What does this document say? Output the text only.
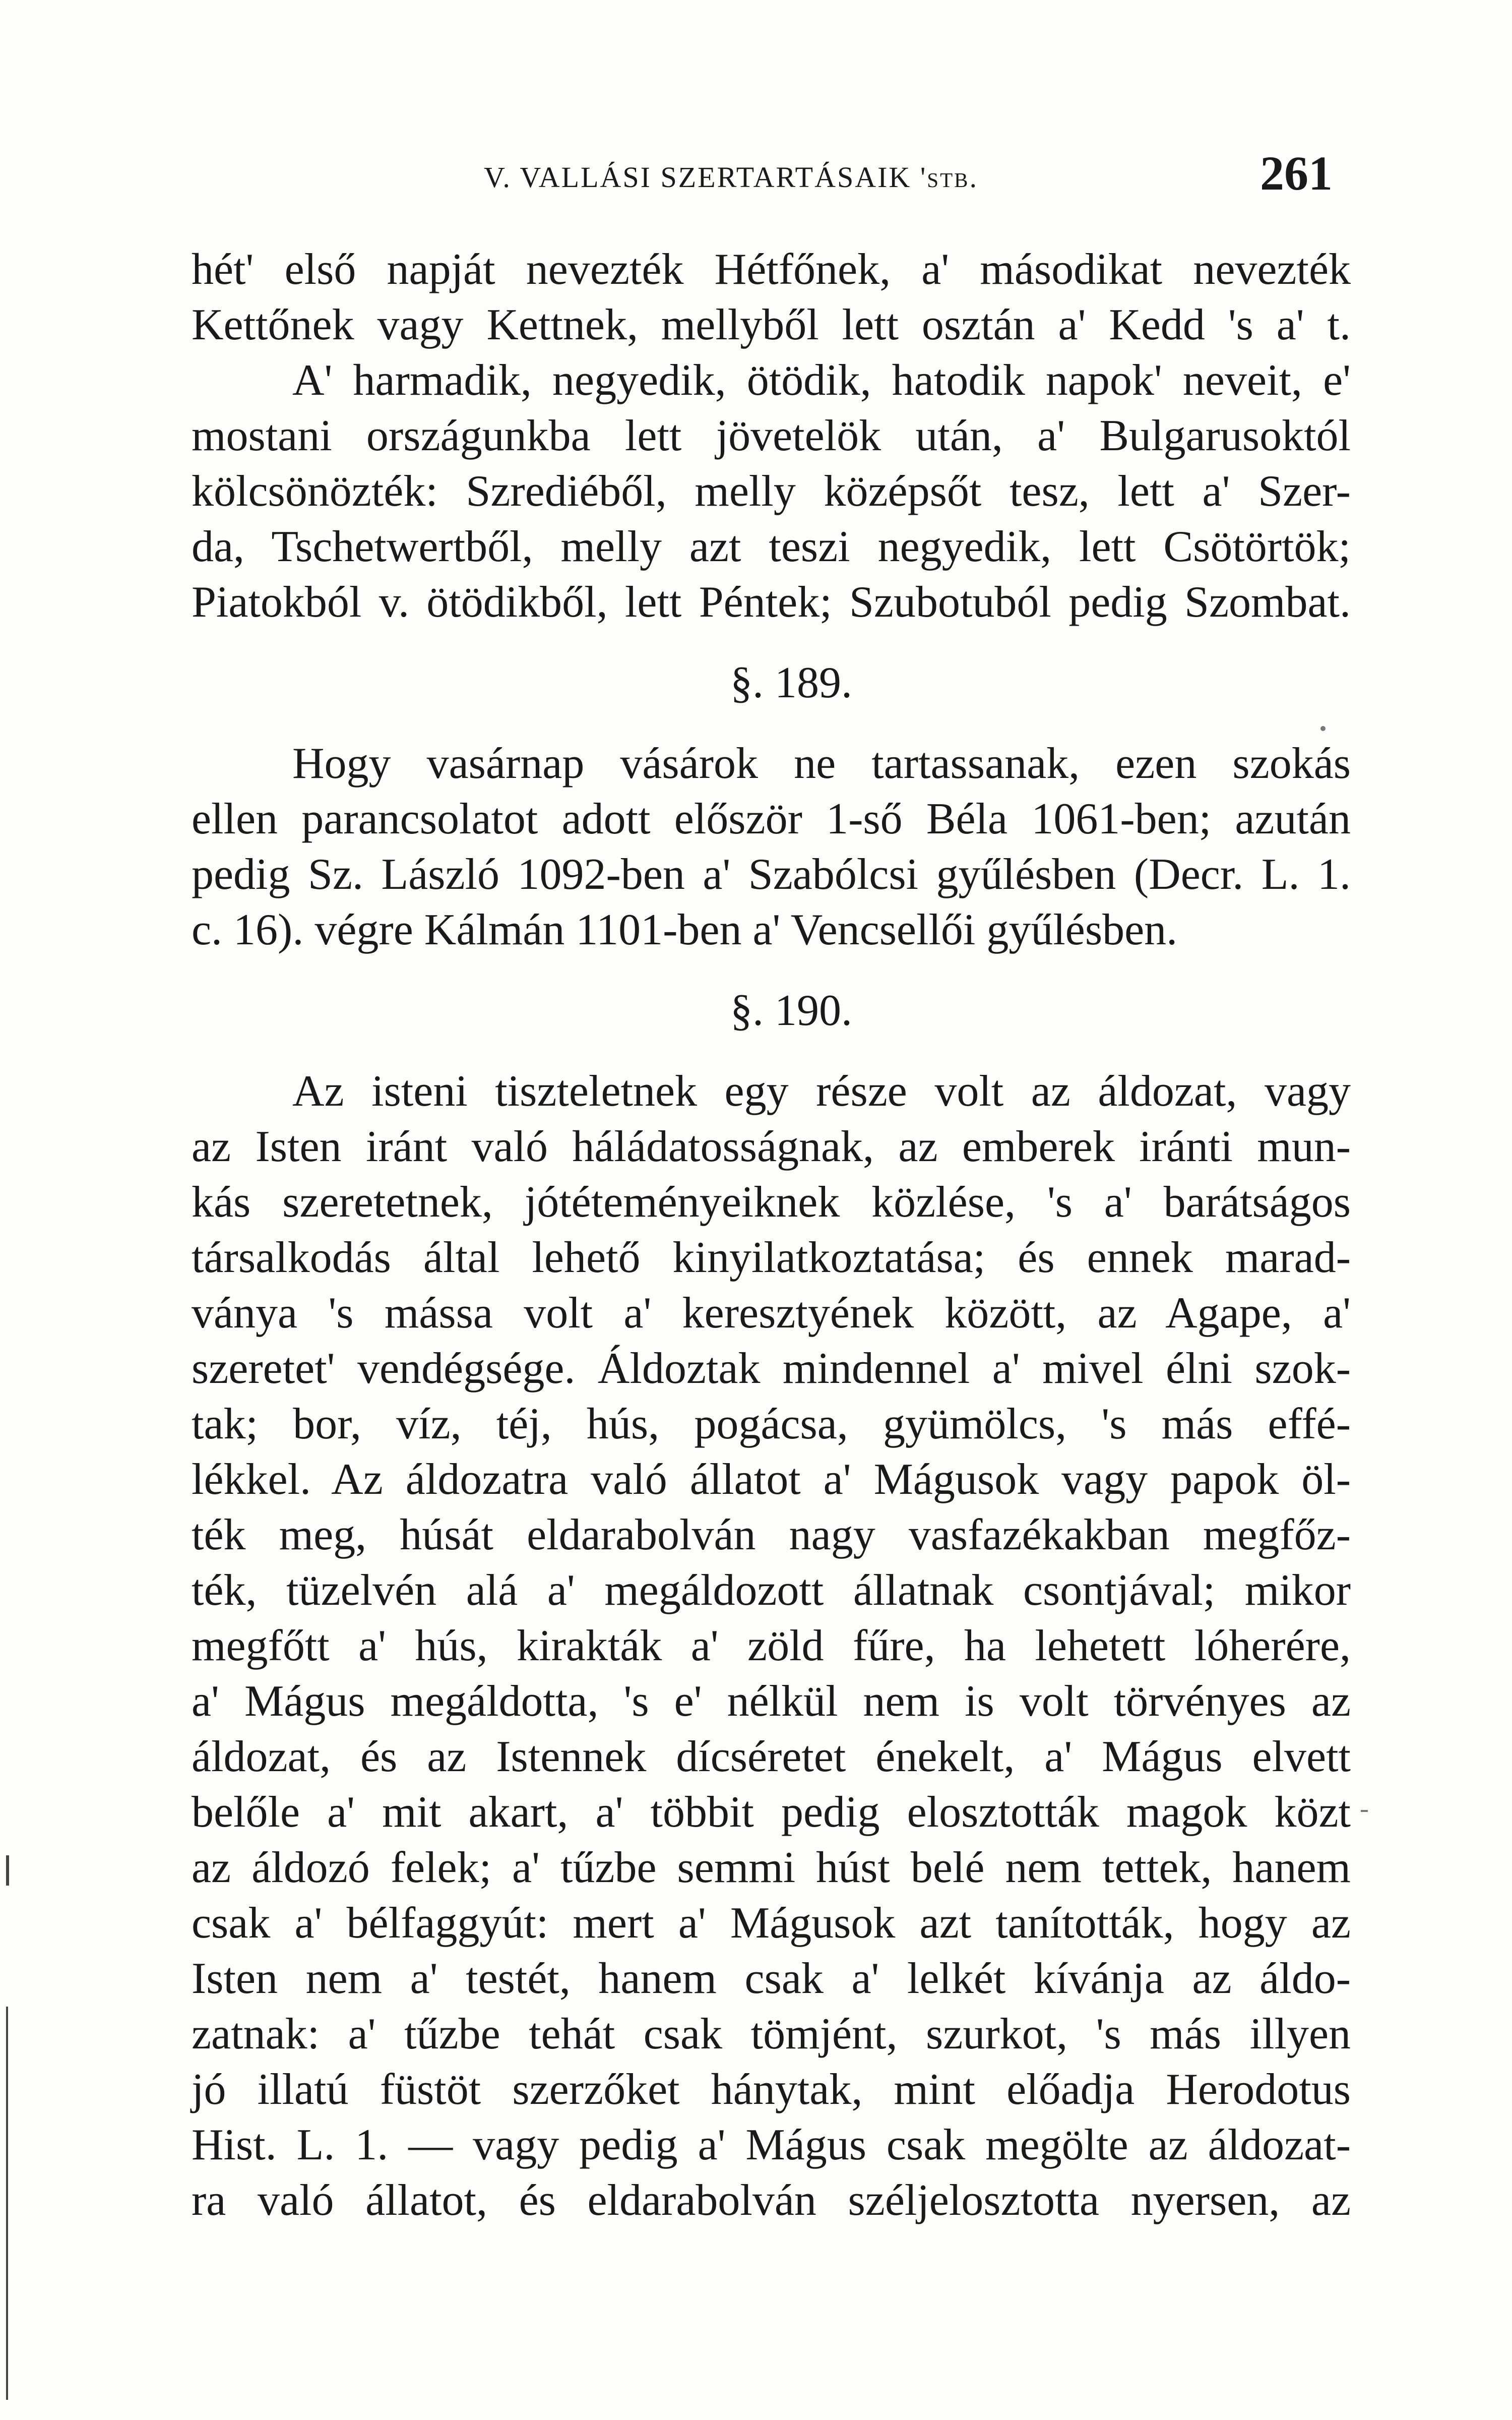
V. VALLÁSI SZERTARTÁSAIK 'stb.	261
hét' első napját nevezték Hétfőnek, a' másodikat nevezték
Kettőnek vagy Kettnek, mellyből lett osztán a' Kedd 's a' t.
A' harmadik, negyedik, ötödik, hatodik napok' neveit, e'
mostani országunkba lett jövetelök után, a' Bulgarusoktól
kölcsönözték: Szrediéből, melly középsőt tesz, lett a' Szer-
da, Tschetwertből, melly azt teszi negyedik, lett Csötörtök;
Piatokból v. ötödikből, lett Péntek; Szubotuból pedig Szombat.
§. 189.
Hogy vasárnap vásárok ne tartassanak, ezen szokás
ellen parancsolatot adott először 1-ső Béla 1061-ben; azután
pedig Sz. László 1092-ben a' Szabólcsi gyűlésben (Decr. L. 1.
c. 16). végre Kálmán 1101-ben a' Vencsellői gyűlésben.
§. 190.
Az isteni tiszteletnek egy része volt az áldozat, vagy
az Isten iránt való háládatosságnak, az emberek iránti mun-
kás szeretetnek, jótéteményeiknek közlése, 's a' barátságos
társalkodás által lehető kinyilatkoztatása; és ennek marad-
ványa 's mássa volt a' keresztyének között, az Agape, a'
szeretet' vendégsége. Áldoztak mindennel a' mivel élni szok-
tak; bor, víz, téj, hús, pogácsa, gyümölcs, 's más effé-
lékkel. Az áldozatra való állatot a' Mágusok vagy papok öl-
ték meg, húsát eldarabolván nagy vasfazékakban megfőz-
ték, tüzelvén alá a' megáldozott állatnak csontjával; mikor
megfőtt a' hús, kirakták a' zöld fűre, ha lehetett lóherére,
a' Mágus megáldotta, 's e' nélkül nem is volt törvényes az
áldozat, és az Istennek dícséretet énekelt, a' Mágus elvett
belőle a' mit akart, a' többit pedig elosztották magok közt
az áldozó felek; a' tűzbe semmi húst belé nem tettek, hanem
csak a' bélfaggyút: mert a' Mágusok azt tanították, hogy az
Isten nem a' testét, hanem csak a' lelkét kívánja az áldo-
zatnak: a' tűzbe tehát csak tömjént, szurkot, 's más illyen
jó illatú füstöt szerzőket hánytak, mint előadja Herodotus
Hist. L. 1. — vagy pedig a' Mágus csak megölte az áldozat-
ra való állatot, és eldarabolván széljelosztotta nyersen, az
